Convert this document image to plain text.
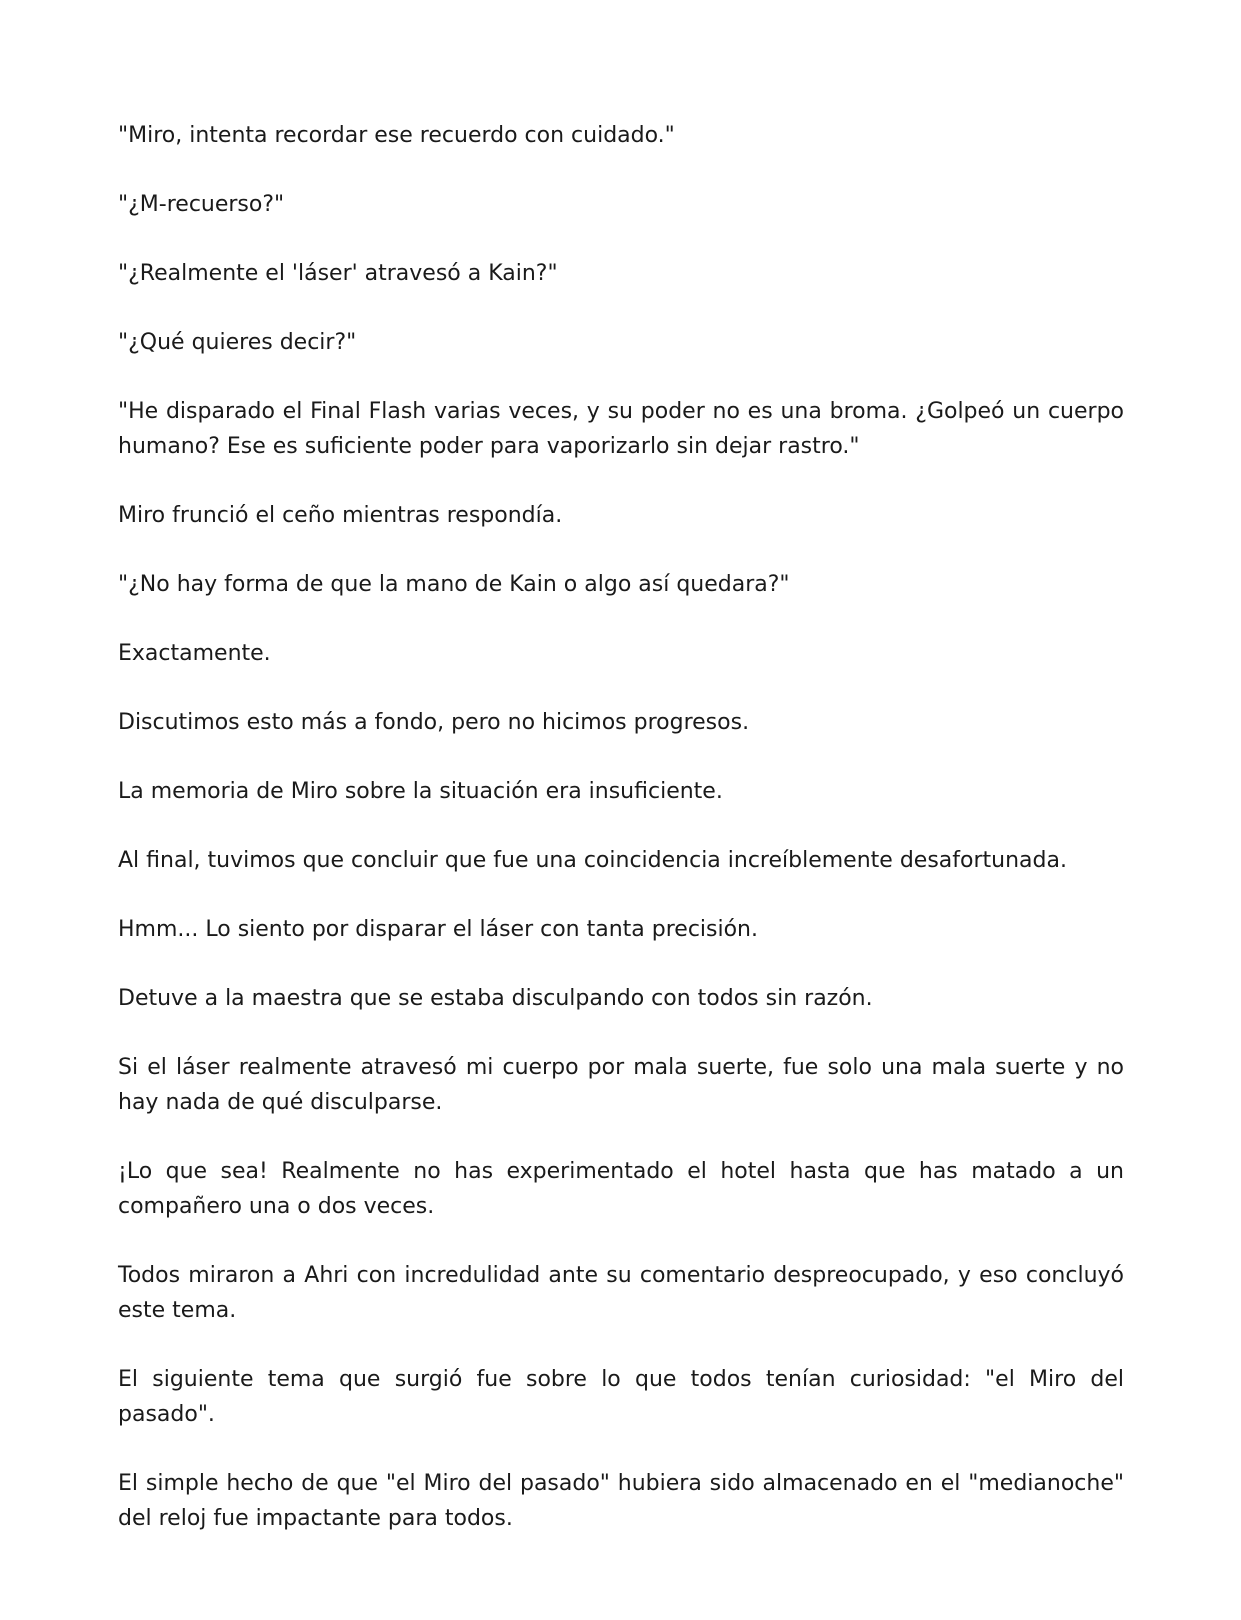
"Miro, intenta recordar ese recuerdo con cuidado."

"¿M-recuerso?"

"¿Realmente el 'láser' atravesó a Kain?"

"¿Qué quieres decir?"

"He disparado el Final Flash varias veces, y su poder no es una broma. ¿Golpeó un cuerpo humano? Ese es suficiente poder para vaporizarlo sin dejar rastro."

Miro frunció el ceño mientras respondía.

"¿No hay forma de que la mano de Kain o algo así quedara?"

Exactamente.

Discutimos esto más a fondo, pero no hicimos progresos.

La memoria de Miro sobre la situación era insuficiente.

Al final, tuvimos que concluir que fue una coincidencia increíblemente desafortunada.

Hmm... Lo siento por disparar el láser con tanta precisión.

Detuve a la maestra que se estaba disculpando con todos sin razón.

Si el láser realmente atravesó mi cuerpo por mala suerte, fue solo una mala suerte y no hay nada de qué disculparse.

¡Lo que sea! Realmente no has experimentado el hotel hasta que has matado a un compañero una o dos veces.

Todos miraron a Ahri con incredulidad ante su comentario despreocupado, y eso concluyó este tema.

El siguiente tema que surgió fue sobre lo que todos tenían curiosidad: "el Miro del pasado".

El simple hecho de que "el Miro del pasado" hubiera sido almacenado en el "medianoche" del reloj fue impactante para todos.
